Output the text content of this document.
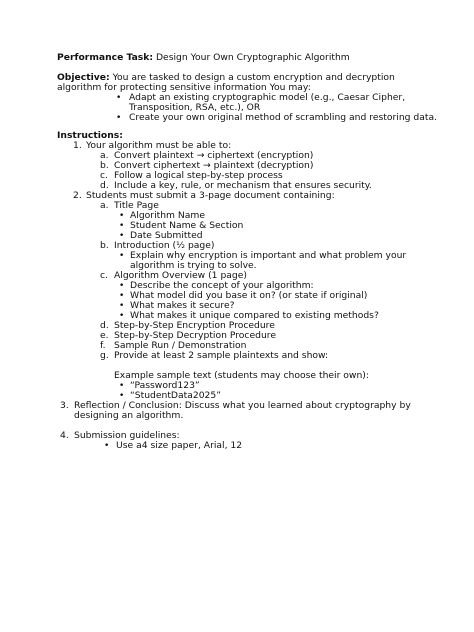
Performance Task: Design Your Own Cryptographic Algorithm
Objective: You are tasked to design a custom encryption and decryption
algorithm for protecting sensitive information You may:
• Adapt an existing cryptographic model (e.g., Caesar Cipher,
Transposition, RSA, etc.), OR
• Create your own original method of scrambling and restoring data.
Instructions:
1. Your algorithm must be able to:
a. Convert plaintext → ciphertext (encryption)
b. Convert ciphertext → plaintext (decryption)
c. Follow a logical step-by-step process
d. Include a key, rule, or mechanism that ensures security.
2. Students must submit a 3-page document containing:
a. Title Page
• Algorithm Name
• Student Name & Section
• Date Submitted
b. Introduction (½ page)
• Explain why encryption is important and what problem your
algorithm is trying to solve.
c. Algorithm Overview (1 page)
• Describe the concept of your algorithm:
• What model did you base it on? (or state if original)
• What makes it secure?
• What makes it unique compared to existing methods?
d. Step-by-Step Encryption Procedure
e. Step-by-Step Decryption Procedure
f. Sample Run / Demonstration
g. Provide at least 2 sample plaintexts and show:
Example sample text (students may choose their own):
• “Password123”
• “StudentData2025”
3. Reflection / Conclusion: Discuss what you learned about cryptography by
designing an algorithm.
4. Submission guidelines:
• Use a4 size paper, Arial, 12
